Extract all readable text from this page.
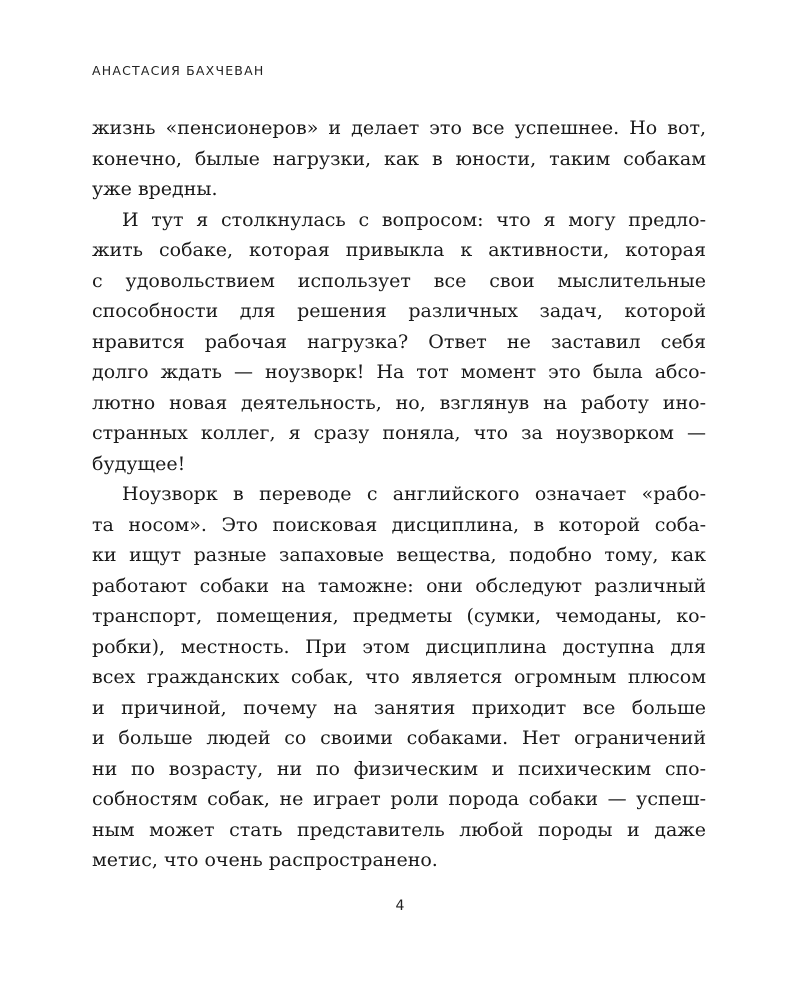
АНАСТАСИЯ БАХЧЕВАН
жизнь «пенсионеров» и делает это все успешнее. Но вот,
конечно, былые нагрузки, как в юности, таким собакам
уже вредны.
И тут я столкнулась с вопросом: что я могу предло-
жить собаке, которая привыкла к активности, которая
с удовольствием использует все свои мыслительные
способности для решения различных задач, которой
нравится рабочая нагрузка? Ответ не заставил себя
долго ждать — ноузворк! На тот момент это была абсо-
лютно новая деятельность, но, взглянув на работу ино-
странных коллег, я сразу поняла, что за ноузворком —
будущее!
Ноузворк в переводе с английского означает «рабо-
та носом». Это поисковая дисциплина, в которой соба-
ки ищут разные запаховые вещества, подобно тому, как
работают собаки на таможне: они обследуют различный
транспорт, помещения, предметы (сумки, чемоданы, ко-
робки), местность. При этом дисциплина доступна для
всех гражданских собак, что является огромным плюсом
и причиной, почему на занятия приходит все больше
и больше людей со своими собаками. Нет ограничений
ни по возрасту, ни по физическим и психическим спо-
собностям собак, не играет роли порода собаки — успеш-
ным может стать представитель любой породы и даже
метис, что очень распространено.
4
